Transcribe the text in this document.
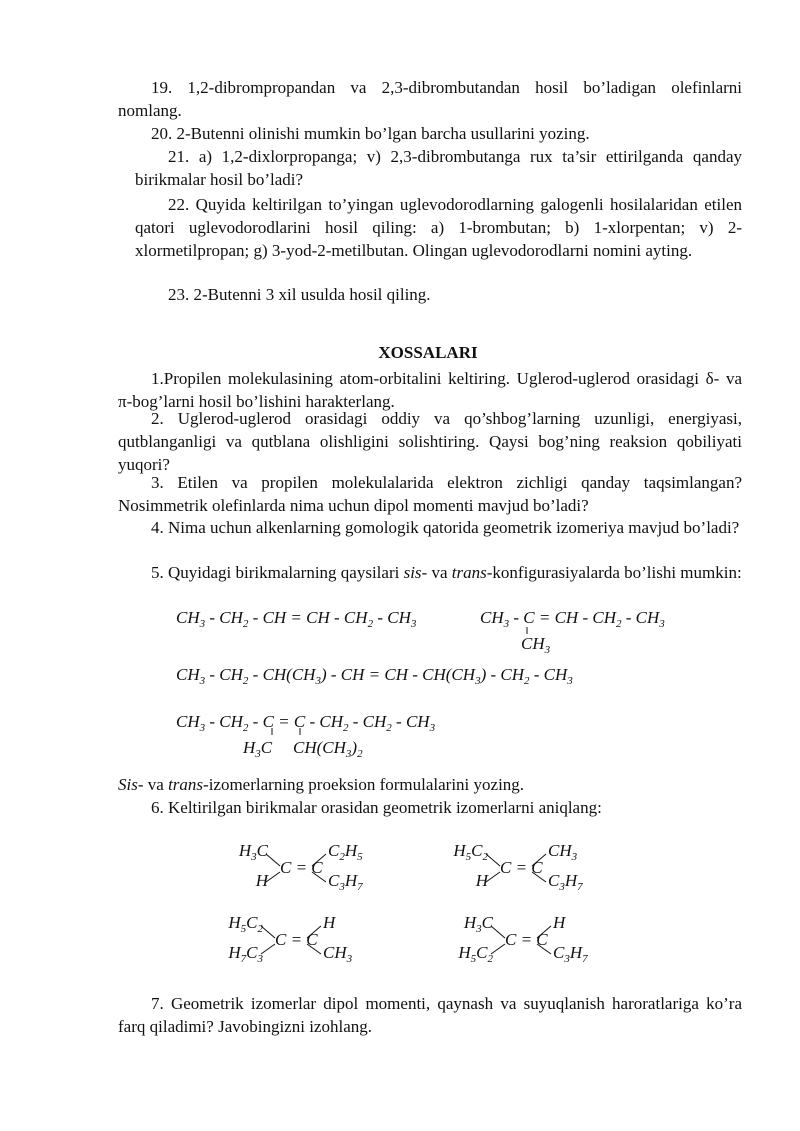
19. 1,2-dibrompropandan va 2,3-dibrombutandan hosil bo’ladigan olefinlarni nomlang.

20. 2-Butenni olinishi mumkin bo’lgan barcha usullarini yozing.

21. a) 1,2-dixlorpropanga; v) 2,3-dibrombutanga rux ta’sir ettirilganda qanday birikmalar hosil bo’ladi?

22. Quyida keltirilgan to’yingan uglevodorodlarning galogenli hosilalaridan etilen qatori uglevodorodlarini hosil qiling: a) 1-brombutan; b) 1-xlorpentan; v) 2-xlormetilpropan; g) 3-yod-2-metilbutan. Olingan uglevodorodlarni nomini ayting.

23. 2-Butenni 3 xil usulda hosil qiling.

XOSSALARI

1.Propilen molekulasining atom-orbitalini keltiring. Uglerod-uglerod orasidagi δ- va π-bog’larni hosil bo’lishini harakterlang.

2. Uglerod-uglerod orasidagi oddiy va qo’shbog’larning uzunligi, energiyasi, qutblanganligi va qutblana olishligini solishtiring. Qaysi bog’ning reaksion qobiliyati yuqori?

3. Etilen va propilen molekulalarida elektron zichligi qanday taqsimlangan? Nosimmetrik olefinlarda nima uchun dipol momenti mavjud bo’ladi?

4. Nima uchun alkenlarning gomologik qatorida geometrik izomeriya mavjud bo’ladi?

5. Quyidagi birikmalarning qaysilari sis- va trans-konfigurasiyalarda bo’lishi mumkin:

$CH_3 - CH_2$ - CH = CH - $CH_2 - CH_3$	$CH_3$ - C = CH - $CH_2 - CH_3$
$CH_3$
$CH_3 - CH_2 - CH(CH_3)$ - CH = CH - $CH(CH_3) - CH_2 - CH_3$
$CH_3 - CH_2 - C = C - CH_2 - CH_2 - CH_3$
$H_3C$ $CH(CH_3)_2$

Sis- va trans-izomerlarning proeksion formulalarini yozing.

6. Keltirilgan birikmalar orasidan geometrik izomerlarni aniqlang:

$H_3C$
H
$C_2H_5$
$C_3H_7$
C = C
$H_5C_2$
H
$CH_3$
$C_3H_7$
C = C
$H_5C_2$
$H_7C_3$
H
$CH_3$
C = C
$H_3C$
$H_5C_2$
H
$C_3H_7$
C = C

7. Geometrik izomerlar dipol momenti, qaynash va suyuqlanish haroratlariga ko’ra farq qiladimi? Javobingizni izohlang.
